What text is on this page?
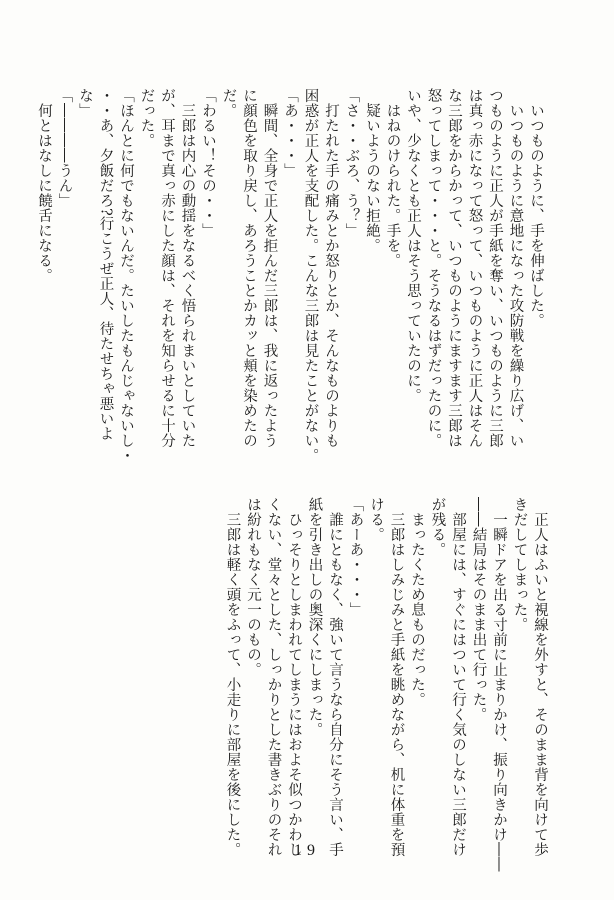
　いつものように、手を伸ばした。
　いつものように意地になった攻防戦を繰り広げ、い
つものように正人が手紙を奪い、いつものように三郎
は真っ赤になって怒って、いつものように正人はそん
な三郎をからかって、いつものようにますます三郎は
怒ってしまって・・・と。そうなるはずだったのに。
いや、少なくとも正人はそう思っていたのに。
　はねのけられた。手を。
　疑いようのない拒絶。
「さ・・ぶろ、う？」
　打たれた手の痛みとか怒りとか、そんなものよりも
困惑が正人を支配した。こんな三郎は見たことがない。
「あ・・・」
　瞬間、全身で正人を拒んだ三郎は、我に返ったよう
に顔色を取り戻し、あろうことかカッと頬を染めたの
だ。
「わるい！その・・」
　三郎は内心の動揺をなるべく悟られまいとしていた
が、耳まで真っ赤にした顔は、それを知らせるに十分
だった。
「ほんとに何でもないんだ。たいしたもんじゃないし・
・・あ、夕飯だろ?行こうぜ正人、待たせちゃ悪いよ
な」
「――――うん」
　何とはなしに饒舌になる。
　正人はふいと視線を外すと、そのまま背を向けて歩
きだしてしまった。
　一瞬ドアを出る寸前に止まりかけ、振り向きかけ――
――結局はそのまま出て行った。
　部屋には、すぐにはついて行く気のしない三郎だけ
が残る。
　まったくため息ものだった。
　三郎はしみじみと手紙を眺めながら、机に体重を預
ける。
「あーあ・・・」
　誰にともなく、強いて言うなら自分にそう言い、手
紙を引き出しの奥深くにしまった。
　ひっそりとしまわれてしまうにはおよそ似つかわし
くない、堂々とした、しっかりとした書きぶりのそれ
は紛れもなく元一のもの。
　三郎は軽く頭をふって、小走りに部屋を後にした。	19
